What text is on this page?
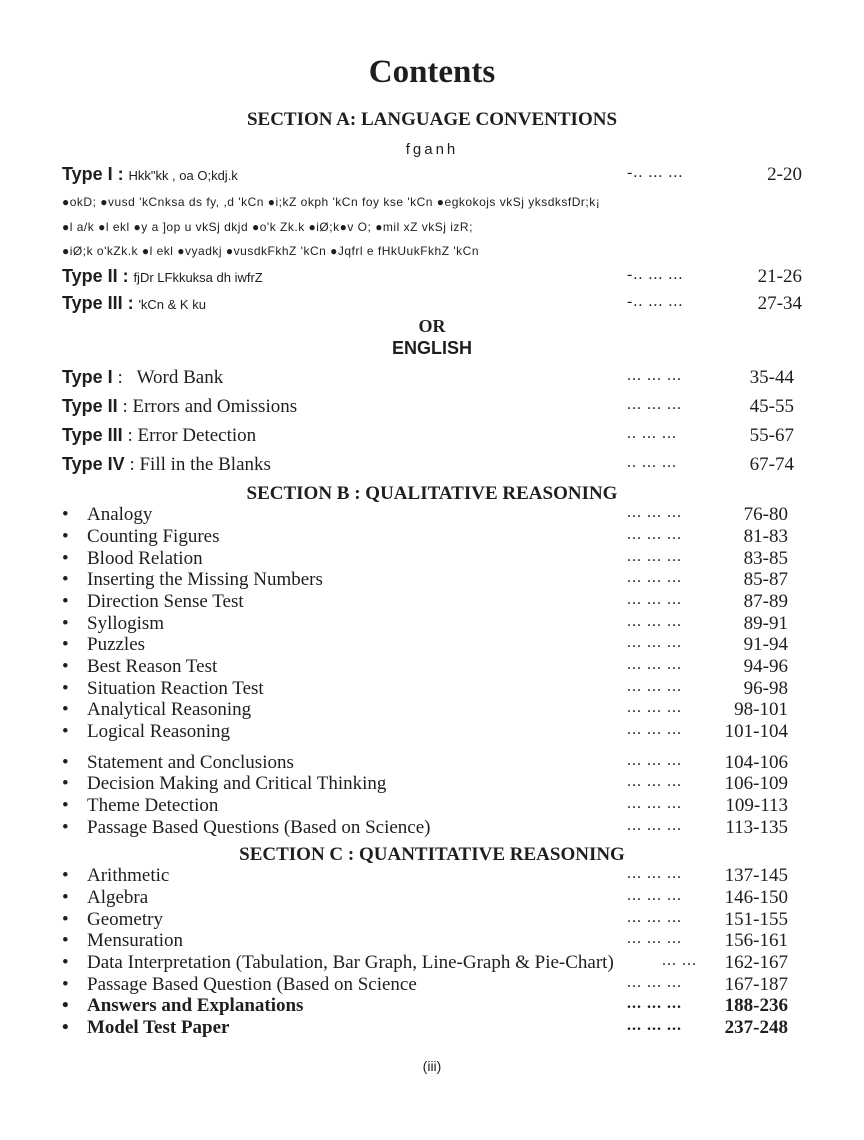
Contents
SECTION A: LANGUAGE CONVENTIONS
fganh
Type I : Hkk"kk , oa O;kdj.k	-.. ... ...	2-20
●okD; ●vusd 'kCnksa ds fy, ,d 'kCn ●i;kZ okph 'kCn foy kse 'kCn ●egkokojs vkSj yksdksfDr;k¡
●l a/k ●l ekl ●y a ]op u vkSj dkjd ●o'k Zk.k ●iØ;k●v O; ●mil xZ vkSj izR;
●iØ;k o'kZk.k ●l ekl ●vyadkj ●vusdkFkhZ 'kCn ●Jqfrl e fHkUukFkhZ 'kCn
Type II : fjDr LFkkuksa dh iwfrZ	-.. ... ...	21-26
Type III : 'kCn & K ku	-.. ... ...	27-34
OR
ENGLISH
Type I :   Word Bank	... ... ...	35-44
Type II : Errors and Omissions	... ... ...	45-55
Type III : Error Detection	.. ... ...	55-67
Type IV : Fill in the Blanks	.. ... ...	67-74
SECTION B : QUALITATIVE REASONING
• Analogy	... ... ...	76-80
• Counting Figures	... ... ...	81-83
• Blood Relation	... ... ...	83-85
• Inserting the Missing Numbers	... ... ...	85-87
• Direction Sense Test	... ... ...	87-89
• Syllogism	... ... ...	89-91
• Puzzles	... ... ...	91-94
• Best Reason Test	... ... ...	94-96
• Situation Reaction Test	... ... ...	96-98
• Analytical Reasoning	... ... ...	98-101
• Logical Reasoning	... ... ... 101-104
• Statement and Conclusions	... ... ... 104-106
• Decision Making and Critical Thinking	... ... ... 106-109
• Theme Detection	... ... ... 109-113
• Passage Based Questions (Based on Science)	... ... ... 113-135
SECTION C : QUANTITATIVE REASONING
• Arithmetic	... ... ... 137-145
• Algebra	... ... ... 146-150
• Geometry	... ... ... 151-155
• Mensuration	... ... ... 156-161
• Data Interpretation (Tabulation, Bar Graph, Line-Graph & Pie-Chart)	... ... 162-167
• Passage Based Question (Based on Science	... ... ... 167-187
• Answers and Explanations	... ... ... 188-236
• Model Test Paper	... ... ... 237-248
(iii)
